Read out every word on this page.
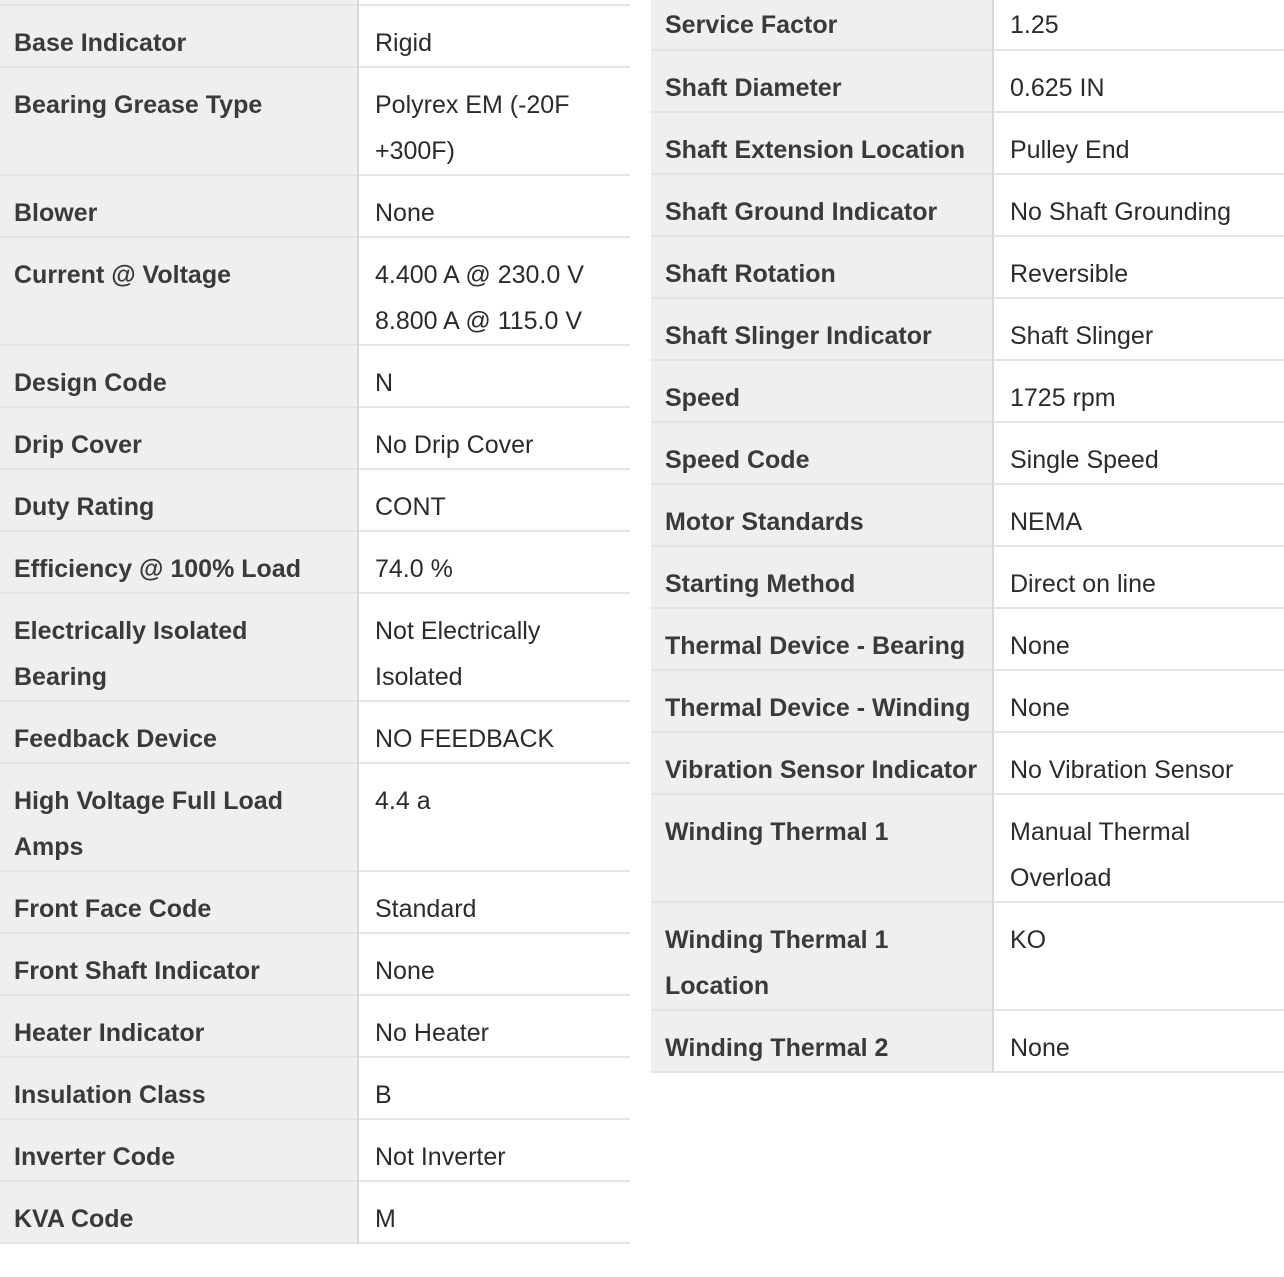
Base Indicator	Rigid
Bearing Grease Type	Polyrex EM (-20F +300F)
Blower	None
Current @ Voltage	4.400 A @ 230.0 V
8.800 A @ 115.0 V
Design Code	N
Drip Cover	No Drip Cover
Duty Rating	CONT
Efficiency @ 100% Load	74.0 %
Electrically Isolated Bearing	Not Electrically Isolated
Feedback Device	NO FEEDBACK
High Voltage Full Load Amps	4.4 a
Front Face Code	Standard
Front Shaft Indicator	None
Heater Indicator	No Heater
Insulation Class	B
Inverter Code	Not Inverter
KVA Code	M
Service Factor	1.25
Shaft Diameter	0.625 IN
Shaft Extension Location	Pulley End
Shaft Ground Indicator	No Shaft Grounding
Shaft Rotation	Reversible
Shaft Slinger Indicator	Shaft Slinger
Speed	1725 rpm
Speed Code	Single Speed
Motor Standards	NEMA
Starting Method	Direct on line
Thermal Device - Bearing	None
Thermal Device - Winding	None
Vibration Sensor Indicator	No Vibration Sensor
Winding Thermal 1	Manual Thermal Overload
Winding Thermal 1 Location	KO
Winding Thermal 2	None
